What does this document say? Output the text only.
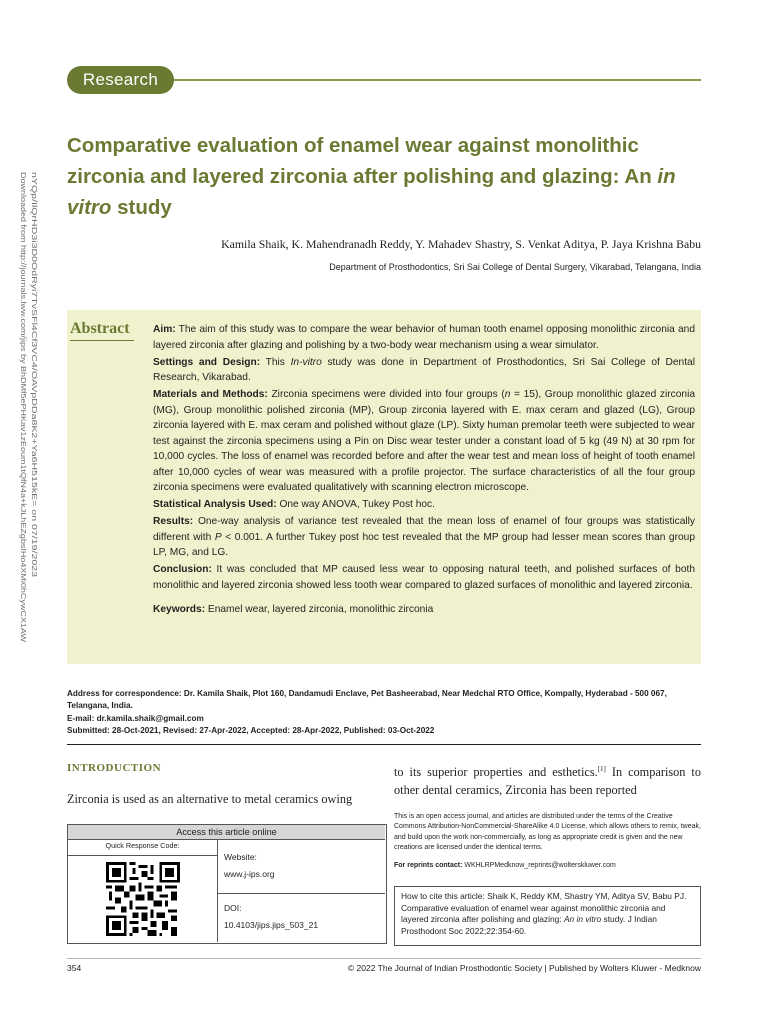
Research
Downloaded from http://journals.lww.com/jips by BhDMf5ePHKav1zEoum1tQfN4a+kJLhEZgbsIHo4XMi0hCywCX1AW nYQp/IlQrHD3i3D0OdRyi7TvSFl4Cf3VC4/OAVpDDa8K2+Ya6H515kE= on 07/19/2023
Comparative evaluation of enamel wear against monolithic zirconia and layered zirconia after polishing and glazing: An in vitro study
Kamila Shaik, K. Mahendranadh Reddy, Y. Mahadev Shastry, S. Venkat Aditya, P. Jaya Krishna Babu
Department of Prosthodontics, Sri Sai College of Dental Surgery, Vikarabad, Telangana, India
Abstract Aim: The aim of this study was to compare the wear behavior of human tooth enamel opposing monolithic zirconia and layered zirconia after glazing and polishing by a two-body wear mechanism using a wear simulator.

Settings and Design: This In-vitro study was done in Department of Prosthodontics, Sri Sai College of Dental Research, Vikarabad.

Materials and Methods: Zirconia specimens were divided into four groups (n = 15), Group monolithic glazed zirconia (MG), Group monolithic polished zirconia (MP), Group zirconia layered with E. max ceram and glazed (LG), Group zirconia layered with E. max ceram and polished without glaze (LP). Sixty human premolar teeth were subjected to wear test against the zirconia specimens using a Pin on Disc wear tester under a constant load of 5 kg (49 N) at 30 rpm for 10,000 cycles. The loss of enamel was recorded before and after the wear test and mean loss of height of tooth enamel after 10,000 cycles of wear was measured with a profile projector. The surface characteristics of all the four group zirconia specimens were evaluated qualitatively with scanning electron microscope.

Statistical Analysis Used: One way ANOVA, Tukey Post hoc.

Results: One-way analysis of variance test revealed that the mean loss of enamel of four groups was statistically different with P < 0.001. A further Tukey post hoc test revealed that the MP group had lesser mean scores than group LP, MG, and LG.

Conclusion: It was concluded that MP caused less wear to opposing natural teeth, and polished surfaces of both monolithic and layered zirconia showed less tooth wear compared to glazed surfaces of monolithic and layered zirconia.

Keywords: Enamel wear, layered zirconia, monolithic zirconia

Address for correspondence: Dr. Kamila Shaik, Plot 160, Dandamudi Enclave, Pet Basheerabad, Near Medchal RTO Office, Kompally, Hyderabad - 500 067, Telangana, India.

E-mail: dr.kamila.shaik@gmail.com

Submitted: 28-Oct-2021, Revised: 27-Apr-2022, Accepted: 28-Apr-2022, Published: 03-Oct-2022

INTRODUCTION
Zirconia is used as an alternative to metal ceramics owing
Access this article online
Quick Response Code:
Website:
www.j-ips.org
DOI:
10.4103/jips.jips_503_21
to its superior properties and esthetics.[1] In comparison to other dental ceramics, Zirconia has been reported

This is an open access journal, and articles are distributed under the terms of the Creative Commons Attribution-NonCommercial-ShareAlike 4.0 License, which allows others to remix, tweak, and build upon the work non-commercially, as long as appropriate credit is given and the new creations are licensed under the identical terms.

For reprints contact: WKHLRPMedknow_reprints@wolterskluwer.com
How to cite this article: Shaik K, Reddy KM, Shastry YM, Aditya SV, Babu PJ. Comparative evaluation of enamel wear against monolithic zirconia and layered zirconia after polishing and glazing: An in vitro study. J Indian Prosthodont Soc 2022;22:354-60.
354	© 2022 The Journal of Indian Prosthodontic Society | Published by Wolters Kluwer - Medknow
